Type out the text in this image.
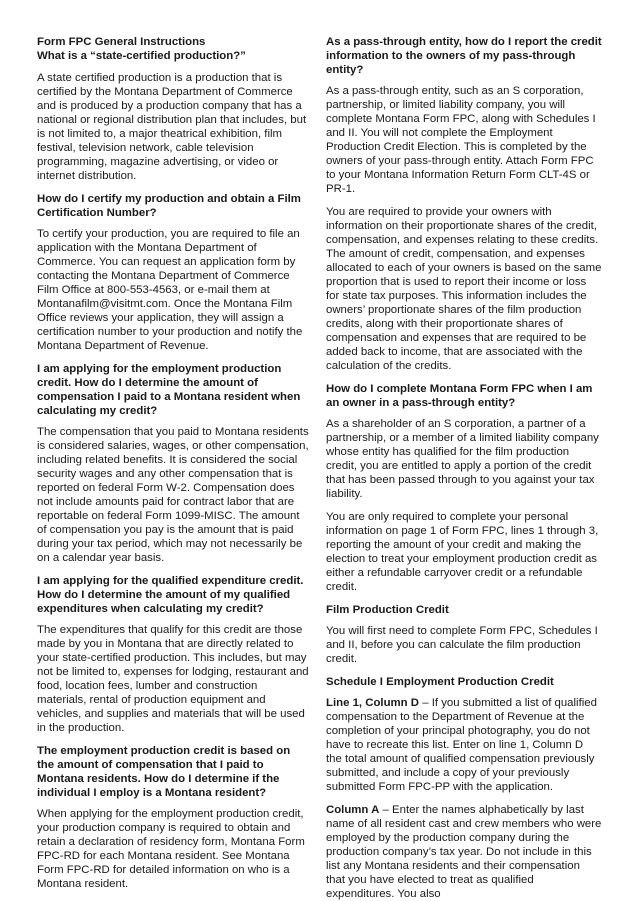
Form FPC General Instructions
What is a “state-certified production?”
A state certified production is a production that is certified by the Montana Department of Commerce and is produced by a production company that has a national or regional distribution plan that includes, but is not limited to, a major theatrical exhibition, film festival, television network, cable television programming, magazine advertising, or video or internet distribution.
How do I certify my production and obtain a Film Certification Number?
To certify your production, you are required to file an application with the Montana Department of Commerce. You can request an application form by contacting the Montana Department of Commerce Film Office at 800-553-4563, or e-mail them at Montanafilm@visitmt.com. Once the Montana Film Office reviews your application, they will assign a certification number to your production and notify the Montana Department of Revenue.
I am applying for the employment production credit. How do I determine the amount of compensation I paid to a Montana resident when calculating my credit?
The compensation that you paid to Montana residents is considered salaries, wages, or other compensation, including related benefits. It is considered the social security wages and any other compensation that is reported on federal Form W-2. Compensation does not include amounts paid for contract labor that are reportable on federal Form 1099-MISC. The amount of compensation you pay is the amount that is paid during your tax period, which may not necessarily be on a calendar year basis.
I am applying for the qualified expenditure credit. How do I determine the amount of my qualified expenditures when calculating my credit?
The expenditures that qualify for this credit are those made by you in Montana that are directly related to your state-certified production. This includes, but may not be limited to, expenses for lodging, restaurant and food, location fees, lumber and construction materials, rental of production equipment and vehicles, and supplies and materials that will be used in the production.
The employment production credit is based on the amount of compensation that I paid to Montana residents. How do I determine if the individual I employ is a Montana resident?
When applying for the employment production credit, your production company is required to obtain and retain a declaration of residency form, Montana Form FPC-RD for each Montana resident. See Montana Form FPC-RD for detailed information on who is a Montana resident.
As a pass-through entity, how do I report the credit information to the owners of my pass-through entity?
As a pass-through entity, such as an S corporation, partnership, or limited liability company, you will complete Montana Form FPC, along with Schedules I and II. You will not complete the Employment Production Credit Election. This is completed by the owners of your pass-through entity. Attach Form FPC to your Montana Information Return Form CLT-4S or PR-1.
You are required to provide your owners with information on their proportionate shares of the credit, compensation, and expenses relating to these credits. The amount of credit, compensation, and expenses allocated to each of your owners is based on the same proportion that is used to report their income or loss for state tax purposes. This information includes the owners’ proportionate shares of the film production credits, along with their proportionate shares of compensation and expenses that are required to be added back to income, that are associated with the calculation of the credits.
How do I complete Montana Form FPC when I am an owner in a pass-through entity?
As a shareholder of an S corporation, a partner of a partnership, or a member of a limited liability company whose entity has qualified for the film production credit, you are entitled to apply a portion of the credit that has been passed through to you against your tax liability.
You are only required to complete your personal information on page 1 of Form FPC, lines 1 through 3, reporting the amount of your credit and making the election to treat your employment production credit as either a refundable carryover credit or a refundable credit.
Film Production Credit
You will first need to complete Form FPC, Schedules I and II, before you can calculate the film production credit.
Schedule I Employment Production Credit
Line 1, Column D – If you submitted a list of qualified compensation to the Department of Revenue at the completion of your principal photography, you do not have to recreate this list. Enter on line 1, Column D the total amount of qualified compensation previously submitted, and include a copy of your previously submitted Form FPC-PP with the application.
Column A – Enter the names alphabetically by last name of all resident cast and crew members who were employed by the production company during the production company’s tax year. Do not include in this list any Montana residents and their compensation that you have elected to treat as qualified expenditures. You also
